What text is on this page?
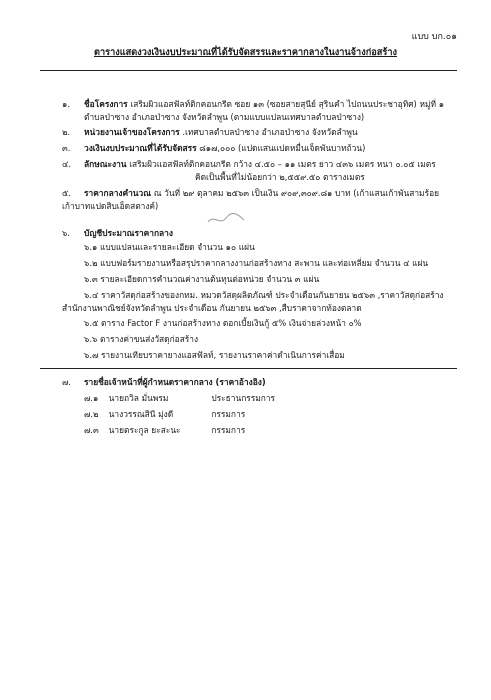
แบบ บก.๐๑
ตารางแสดงวงเงินงบประมาณที่ได้รับจัดสรรและราคากลางในงานจ้างก่อสร้าง
๑. ชื่อโครงการ เสริมผิวแอสฟัลท์ติกคอนกรีต ซอย ๑๓ (ซอยสายสุนีย์ สุรินคำ ไปถนนประชาอุทิศ) หมู่ที่ ๑
ตำบลป่าซาง อำเภอป่าซาง จังหวัดลำพูน (ตามแบบแปลนเทศบาลตำบลป่าซาง)
๒. หน่วยงานเจ้าของโครงการ .เทศบาลตำบลป่าซาง อำเภอป่าซาง จังหวัดลำพูน
๓. วงเงินงบประมาณที่ได้รับจัดสรร ๘๑๗,๐๐๐ (แปดแสนแปดหมื่นเจ็ดพันบาทถ้วน)
๔. ลักษณะงาน เสริมผิวแอสฟัลท์ติกคอนกรีต กว้าง ๔.๕๐ – ๑๑ เมตร ยาว ๔๓๖ เมตร หนา ๐.๐๕ เมตร
คิดเป็นพื้นที่ไม่น้อยกว่า ๒,๕๕๙.๕๐ ตารางเมตร
๕. ราคากลางคำนวณ ณ วันที่ ๒๙ ตุลาคม ๒๕๖๓ เป็นเงิน ๙๐๙,๓๐๙.๘๑ บาท (เก้าแสนเก้าพันสามร้อย
เก้าบาทแปดสิบเอ็ดสตางค์)
๖. บัญชีประมาณราคากลาง
๖.๑ แบบแปลนและรายละเอียด จำนวน ๑๐ แผ่น
๖.๒ แบบฟอร์มรายงานหรือสรุปราคากลางงานก่อสร้างทาง สะพาน และท่อเหลี่ยม จำนวน ๔ แผ่น
๖.๓ รายละเอียดการคำนวณค่างานต้นทุนต่อหน่วย จำนวน ๓ แผ่น
๖.๔ ราคาวัสดุก่อสร้างของกทม. หมวดวัสดุผลิตภัณฑ์ ประจำเดือนกันยายน ๒๕๖๓ ,ราคาวัสดุก่อสร้าง
สำนักงานพาณิชย์จังหวัดลำพูน ประจำเดือน กันยายน ๒๕๖๓ ,สืบราคาจากท้องตลาด
๖.๕ ตาราง Factor F งานก่อสร้างทาง ดอกเบี้ยเงินกู้ ๕% เงินจ่ายล่วงหน้า ๐%
๖.๖ ตารางค่าขนส่งวัสดุก่อสร้าง
๖.๗ รายงานเทียบราคายางแอสฟัลท์, รายงานราคาค่าดำเนินการค่าเสื่อม
๗. รายชื่อเจ้าหน้าที่ผู้กำหนดราคากลาง (ราคาอ้างอิง)
๗.๑ นายถวิล มั่นพรม	ประธานกรรมการ
๗.๒ นางวรรณสินี มุ่งดี	กรรมการ
๗.๓ นายตระกูล ยะสะนะ	กรรมการ
